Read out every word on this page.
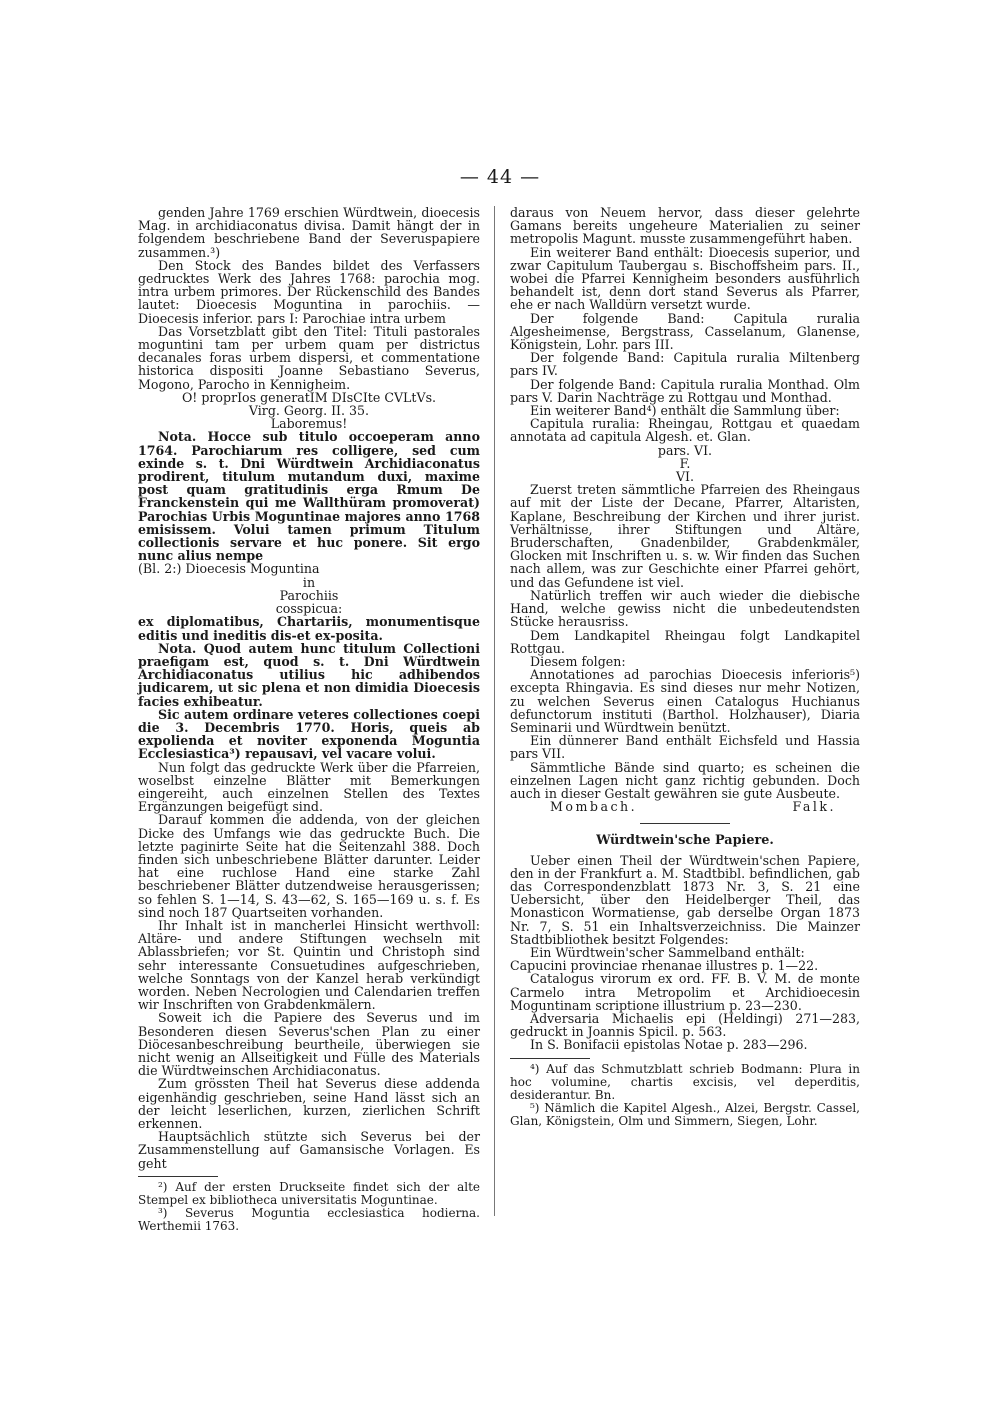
— 44 —

genden Jahre 1769 erschien Würdtwein, dioecesis Mag. in archidiaconatus divisa. Damit hängt der in folgendem beschriebene Band der Severuspapiere zusammen.³)

Den Stock des Bandes bildet des Verfassers gedrucktes Werk des Jahres 1768: parochia mog. intra urbem primores. Der Rückenschild des Bandes lautet: Dioecesis Moguntina in parochiis. — Dioecesis inferior. pars I: Parochiae intra urbem

Das Vorsetzblatt gibt den Titel: Tituli pastorales moguntini tam per urbem quam per districtus decanales foras urbem dispersi, et commentatione historica dispositi Joanne Sebastiano Severus, Mogono, Parocho in Kennigheim.

O! proprIos generatIM DIsCIte CVLtVs.

Virg. Georg. II. 35.

Laboremus!

Nota. Hocce sub titulo occoeperam anno 1764. Parochiarum res colligere, sed cum exinde s. t. Dni Würdtwein Archidiaconatus prodirent, titulum mutandum duxi, maxime post quam gratitudinis erga Rmum De Franckenstein qui me Wallthüram promoverat) Parochias Urbis Moguntinae majores anno 1768 emisissem. Volui tamen primum Titulum collectionis servare et huc ponere. Sit ergo nunc alius nempe

(Bl. 2:) Dioecesis Moguntina

in

Parochiis

cosspicua:

ex diplomatibus, Chartariis, monumentisque editis und ineditis dis-et ex-posita.

Nota. Quod autem hunc titulum Collectioni praefigam est, quod s. t. Dni Würdtwein Archidiaconatus utilius hic adhibendos judicarem, ut sic plena et non dimidia Dioecesis facies exhibeatur.

Sic autem ordinare veteres collectiones coepi die 3. Decembris 1770. Horis, queis ab expolienda et noviter exponenda Moguntia Ecclesiastica³) repausavi, vel vacare volui.

Nun folgt das gedruckte Werk über die Pfarreien, woselbst einzelne Blätter mit Bemerkungen eingereiht, auch einzelnen Stellen des Textes Ergänzungen beigefügt sind.

Darauf kommen die addenda, von der gleichen Dicke des Umfangs wie das gedruckte Buch. Die letzte paginirte Seite hat die Seitenzahl 388. Doch finden sich unbeschriebene Blätter darunter. Leider hat eine ruchlose Hand eine starke Zahl beschriebener Blätter dutzendweise herausgerissen; so fehlen S. 1—14, S. 43—62, S. 165—169 u. s. f. Es sind noch 187 Quartseiten vorhanden.

Ihr Inhalt ist in mancherlei Hinsicht werthvoll: Altäre- und andere Stiftungen wechseln mit Ablassbriefen; vor St. Quintin und Christoph sind sehr interessante Consuetudines aufgeschrieben, welche Sonntags von der Kanzel herab verkündigt worden. Neben Necrologien und Calendarien treffen wir Inschriften von Grabdenkmälern.

Soweit ich die Papiere des Severus und im Besonderen diesen Severus'schen Plan zu einer Diöcesanbeschreibung beurtheile, überwiegen sie nicht wenig an Allseitigkeit und Fülle des Materials die Würdtweinschen Archidiaconatus.

Zum grössten Theil hat Severus diese addenda eigenhändig geschrieben, seine Hand lässt sich an der leicht leserlichen, kurzen, zierlichen Schrift erkennen.

Hauptsächlich stützte sich Severus bei der Zusammenstellung auf Gamansische Vorlagen. Es geht

²) Auf der ersten Druckseite findet sich der alte Stempel ex bibliotheca universitatis Moguntinae.

³) Severus Moguntia ecclesiastica hodierna. Werthemii 1763.

daraus von Neuem hervor, dass dieser gelehrte Gamans bereits ungeheure Materialien zu seiner metropolis Magunt. musste zusammengeführt haben.

Ein weiterer Band enthält: Dioecesis superior, und zwar Capitulum Taubergau s. Bischoffsheim pars. II., wobei die Pfarrei Kennigheim besonders ausführlich behandelt ist, denn dort stand Severus als Pfarrer, ehe er nach Walldürn versetzt wurde.

Der folgende Band: Capitula ruralia Algesheimense, Bergstrass, Casselanum, Glanense, Königstein, Lohr. pars III.

Der folgende Band: Capitula ruralia Miltenberg pars IV.

Der folgende Band: Capitula ruralia Monthad. Olm pars V. Darin Nachträge zu Rottgau und Monthad.

Ein weiterer Band⁴) enthält die Sammlung über:

Capitula ruralia: Rheingau, Rottgau et quaedam annotata ad capitula Algesh. et. Glan.

pars. VI.

F.

VI.

Zuerst treten sämmtliche Pfarreien des Rheingaus auf mit der Liste der Decane, Pfarrer, Altaristen, Kaplane, Beschreibung der Kirchen und ihrer jurist. Verhältnisse, ihrer Stiftungen und Altäre, Bruderschaften, Gnadenbilder, Grabdenkmäler, Glocken mit Inschriften u. s. w. Wir finden das Suchen nach allem, was zur Geschichte einer Pfarrei gehört, und das Gefundene ist viel.

Natürlich treffen wir auch wieder die diebische Hand, welche gewiss nicht die unbedeutendsten Stücke herausriss.

Dem Landkapitel Rheingau folgt Landkapitel Rottgau.

Diesem folgen:

Annotationes ad parochias Dioecesis inferioris⁵) excepta Rhingavia. Es sind dieses nur mehr Notizen, zu welchen Severus einen Catalogus Huchianus defunctorum instituti (Barthol. Holzhauser), Diaria Seminarii und Würdtwein benützt.

Ein dünnerer Band enthält Eichsfeld und Hassia pars VII.

Sämmtliche Bände sind quarto; es scheinen die einzelnen Lagen nicht ganz richtig gebunden. Doch auch in dieser Gestalt gewähren sie gute Ausbeute.

Mombach.	Falk.

Würdtwein'sche Papiere.

Ueber einen Theil der Würdtwein'schen Papiere, den in der Frankfurt a. M. Stadtbibl. befindlichen, gab das Correspondenzblatt 1873 Nr. 3, S. 21 eine Uebersicht, über den Heidelberger Theil, das Monasticon Wormatiense, gab derselbe Organ 1873 Nr. 7, S. 51 ein Inhaltsverzeichniss. Die Mainzer Stadtbibliothek besitzt Folgendes:

Ein Würdtwein'scher Sammelband enthält:

Capucini provinciae rhenanae illustres p. 1—22.

Catalogus virorum ex ord. FF. B. V. M. de monte Carmelo intra Metropolim et Archidioecesin Moguntinam scriptione illustrium p. 23—230.

Adversaria Michaelis epi (Heldingi) 271—283, gedruckt in Joannis Spicil. p. 563.

In S. Bonifacii epistolas Notae p. 283—296.

⁴) Auf das Schmutzblatt schrieb Bodmann: Plura in hoc volumine, chartis excisis, vel deperditis, desiderantur. Bn.

⁵) Nämlich die Kapitel Algesh., Alzei, Bergstr. Cassel, Glan, Königstein, Olm und Simmern, Siegen, Lohr.
